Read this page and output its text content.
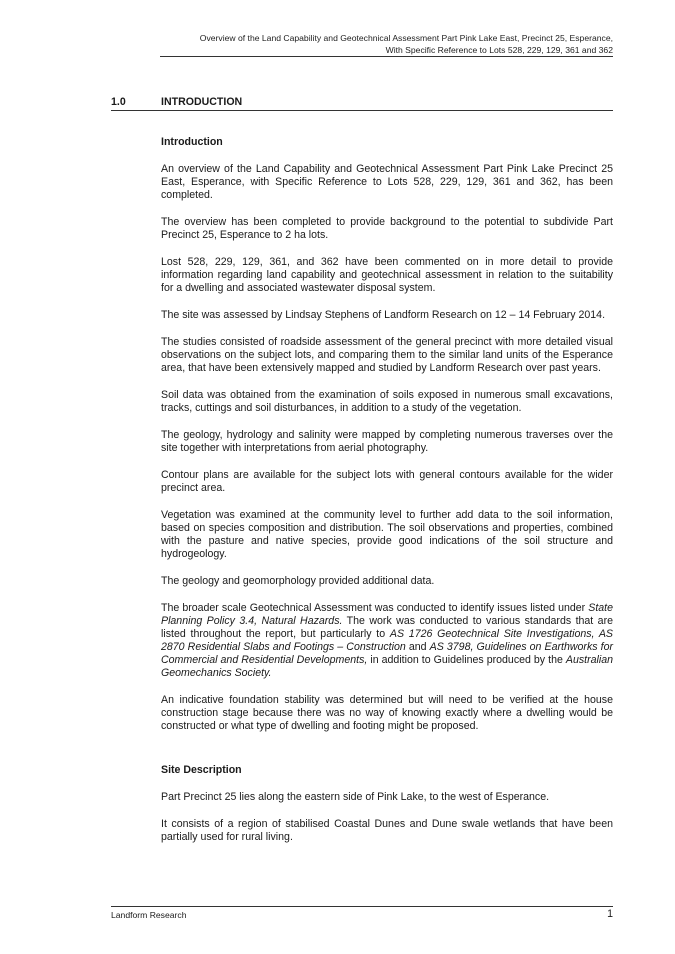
Overview of the Land Capability and Geotechnical Assessment Part Pink Lake East, Precinct 25, Esperance,
With Specific Reference to Lots 528, 229, 129, 361 and 362
1.0	INTRODUCTION

Introduction

An overview of the Land Capability and Geotechnical Assessment Part Pink Lake Precinct 25 East, Esperance, with Specific Reference to Lots 528, 229, 129, 361 and 362, has been completed.

The overview has been completed to provide background to the potential to subdivide Part Precinct 25, Esperance to 2 ha lots.

Lost 528, 229, 129, 361, and 362 have been commented on in more detail to provide information regarding land capability and geotechnical assessment in relation to the suitability for a dwelling and associated wastewater disposal system.

The site was assessed by Lindsay Stephens of Landform Research on 12 – 14 February 2014.

The studies consisted of roadside assessment of the general precinct with more detailed visual observations on the subject lots, and comparing them to the similar land units of the Esperance area, that have been extensively mapped and studied by Landform Research over past years.

Soil data was obtained from the examination of soils exposed in numerous small excavations, tracks, cuttings and soil disturbances, in addition to a study of the vegetation.

The geology, hydrology and salinity were mapped by completing numerous traverses over the site together with interpretations from aerial photography.

Contour plans are available for the subject lots with general contours available for the wider precinct area.

Vegetation was examined at the community level to further add data to the soil information, based on species composition and distribution. The soil observations and properties, combined with the pasture and native species, provide good indications of the soil structure and hydrogeology.

The geology and geomorphology provided additional data.

The broader scale Geotechnical Assessment was conducted to identify issues listed under State Planning Policy 3.4, Natural Hazards. The work was conducted to various standards that are listed throughout the report, but particularly to AS 1726 Geotechnical Site Investigations, AS 2870 Residential Slabs and Footings – Construction and AS 3798, Guidelines on Earthworks for Commercial and Residential Developments, in addition to Guidelines produced by the Australian Geomechanics Society.

An indicative foundation stability was determined but will need to be verified at the house construction stage because there was no way of knowing exactly where a dwelling would be constructed or what type of dwelling and footing might be proposed.

Site Description

Part Precinct 25 lies along the eastern side of Pink Lake, to the west of Esperance.

It consists of a region of stabilised Coastal Dunes and Dune swale wetlands that have been partially used for rural living.

Landform Research	1
